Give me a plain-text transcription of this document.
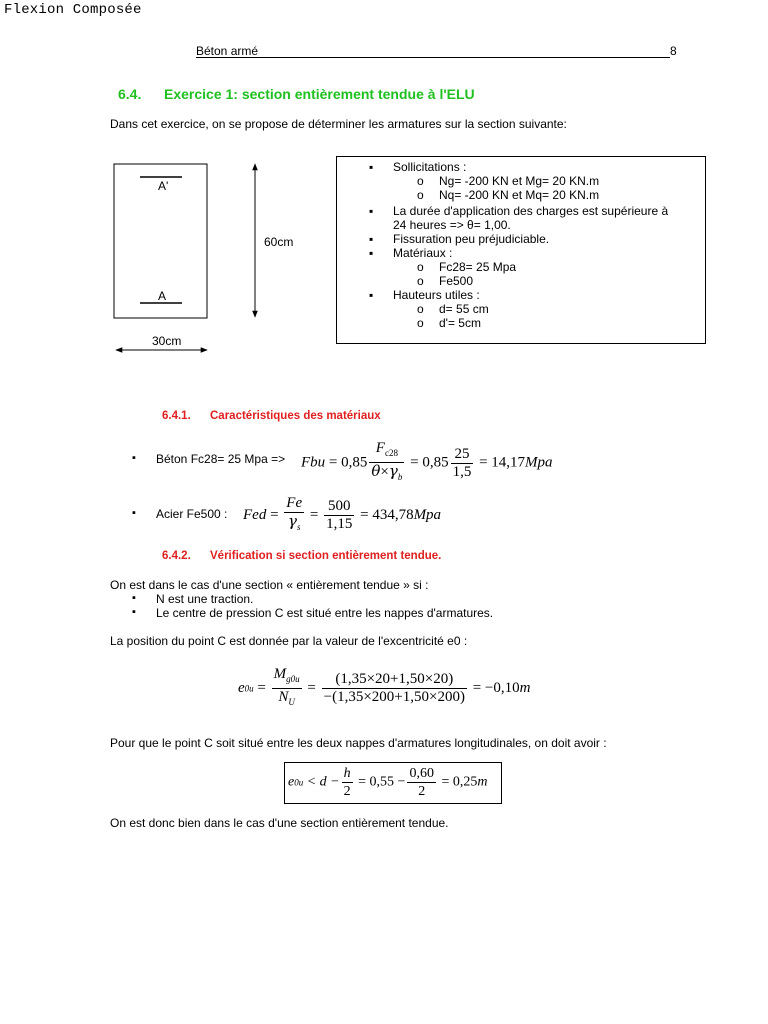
Flexion Composée
Béton armé	8
6.4. Exercice 1: section entièrement tendue à l'ELU
Dans cet exercice, on se propose de déterminer les armatures sur la section suivante:
A'
A
60cm
30cm
▪ Sollicitations :
o Ng= -200 KN et Mg= 20 KN.m
o Nq= -200 KN et Mq= 20 KN.m
▪ La durée d'application des charges est supérieure à
24 heures => θ= 1,00.
▪ Fissuration peu préjudiciable.
▪ Matériaux :
o Fc28= 25 Mpa
o Fe500
▪ Hauteurs utiles :
o d= 55 cm
o d'= 5cm
6.4.1. Caractéristiques des matériaux
▪ Béton Fc28= 25 Mpa => Fbu = $0,85 \frac{F_{c28}}{\theta\times\gamma_b} = 0,85 \frac{25}{1,5} = 14,17Mpa$
▪ Acier Fe500 : Fed = $\frac{Fe}{\gamma_s} = \frac{500}{1,15} = 434,78Mpa$
6.4.2. Vérification si section entièrement tendue.
On est dans le cas d'une section « entièrement tendue » si :
▪ N est une traction.
▪ Le centre de pression C est situé entre les nappes d'armatures.
La position du point C est donnée par la valeur de l'excentricité e0 :
$e0u = \frac{M_{g0u}}{N_U} = \frac{(1,35\times 20+1,50\times 20)}{-(1,35\times 200+1,50\times 200)} = -0,10m$
Pour que le point C soit situé entre les deux nappes d'armatures longitudinales, on doit avoir :
$e0u < d - \frac{h}{2} = 0,55 - \frac{0,60}{2} = 0,25m$
On est donc bien dans le cas d'une section entièrement tendue.
